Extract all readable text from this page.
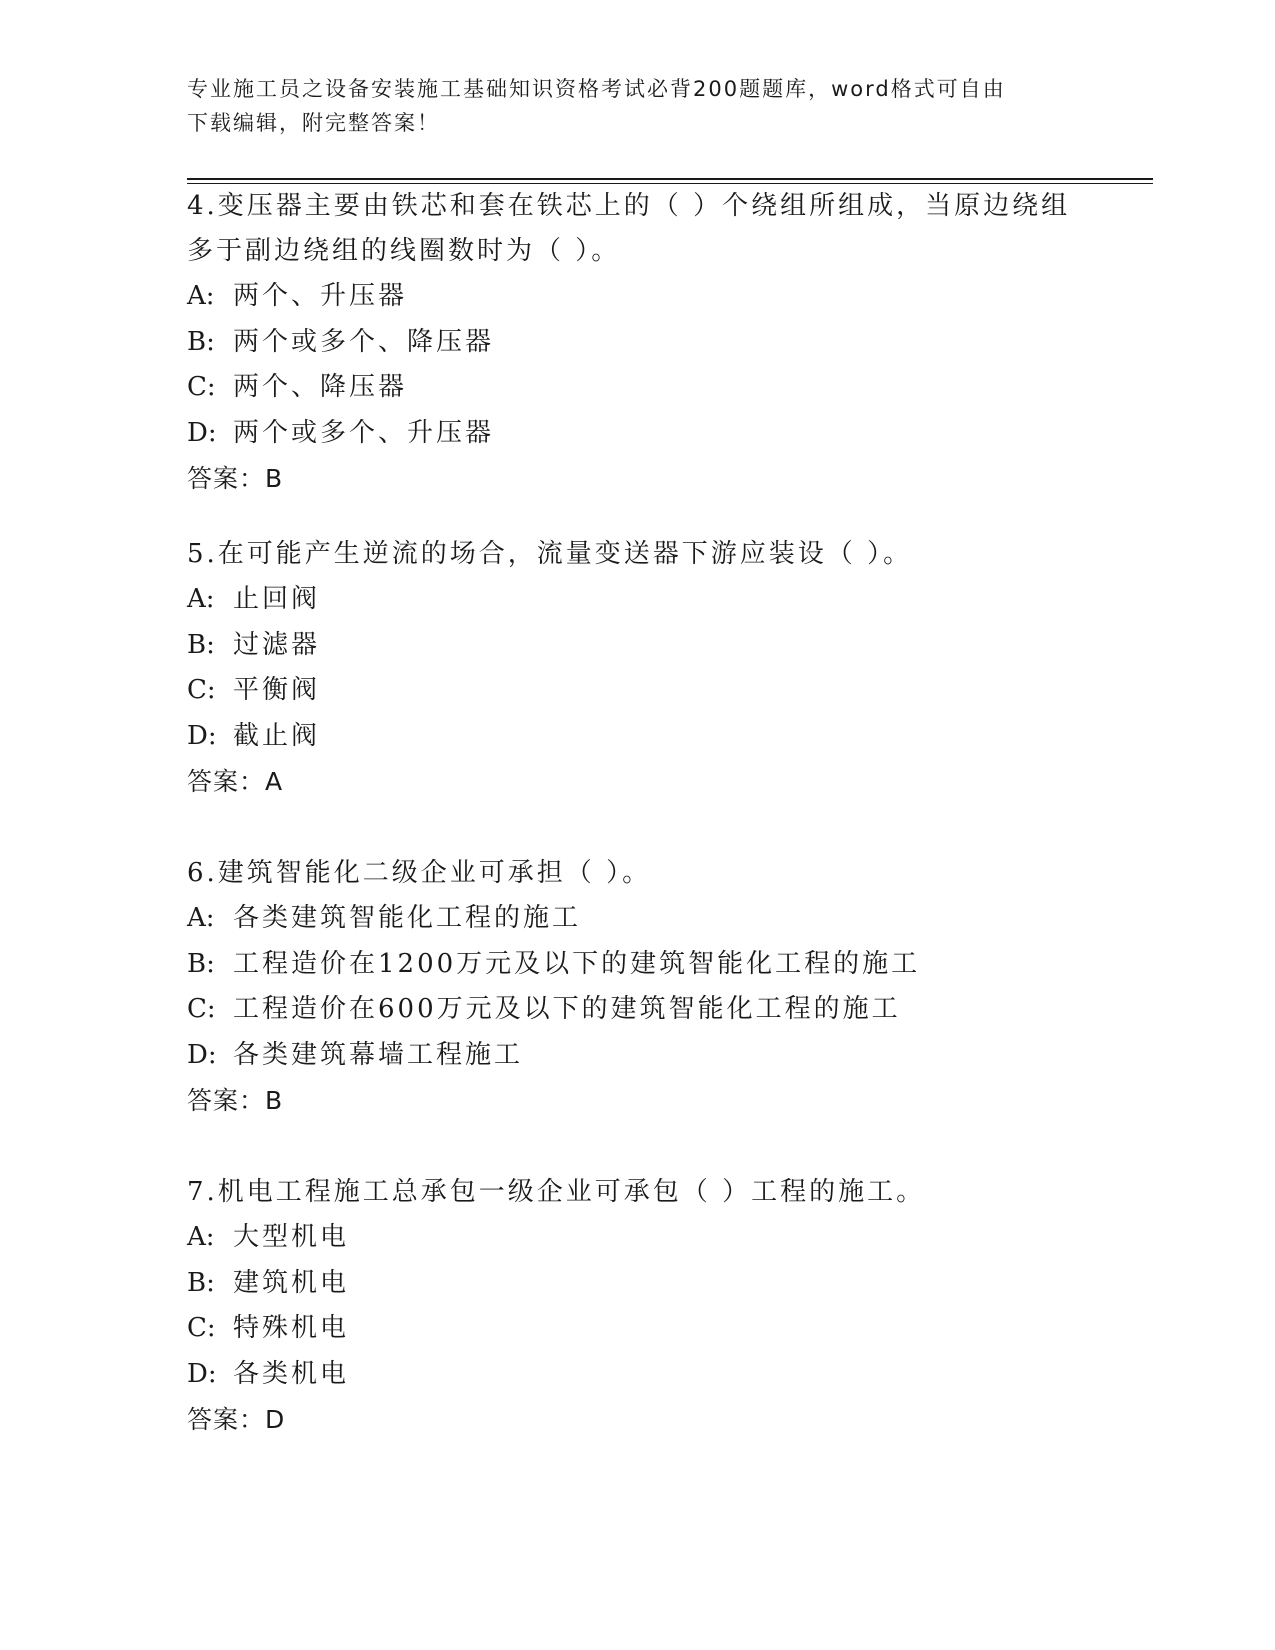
专业施工员之设备安装施工基础知识资格考试必背200题题库，word格式可自由
下载编辑，附完整答案！

4.变压器主要由铁芯和套在铁芯上的（ ）个绕组所组成，当原边绕组

多于副边绕组的线圈数时为（ ）。

A: 两个、升压器

B: 两个或多个、降压器

C: 两个、降压器

D: 两个或多个、升压器

答案：B

5.在可能产生逆流的场合，流量变送器下游应装设（ ）。

A: 止回阀

B: 过滤器

C: 平衡阀

D: 截止阀

答案：A

6.建筑智能化二级企业可承担（ ）。

A: 各类建筑智能化工程的施工

B: 工程造价在1200万元及以下的建筑智能化工程的施工

C: 工程造价在600万元及以下的建筑智能化工程的施工

D: 各类建筑幕墙工程施工

答案：B

7.机电工程施工总承包一级企业可承包（ ）工程的施工。

A: 大型机电

B: 建筑机电

C: 特殊机电

D: 各类机电

答案：D
